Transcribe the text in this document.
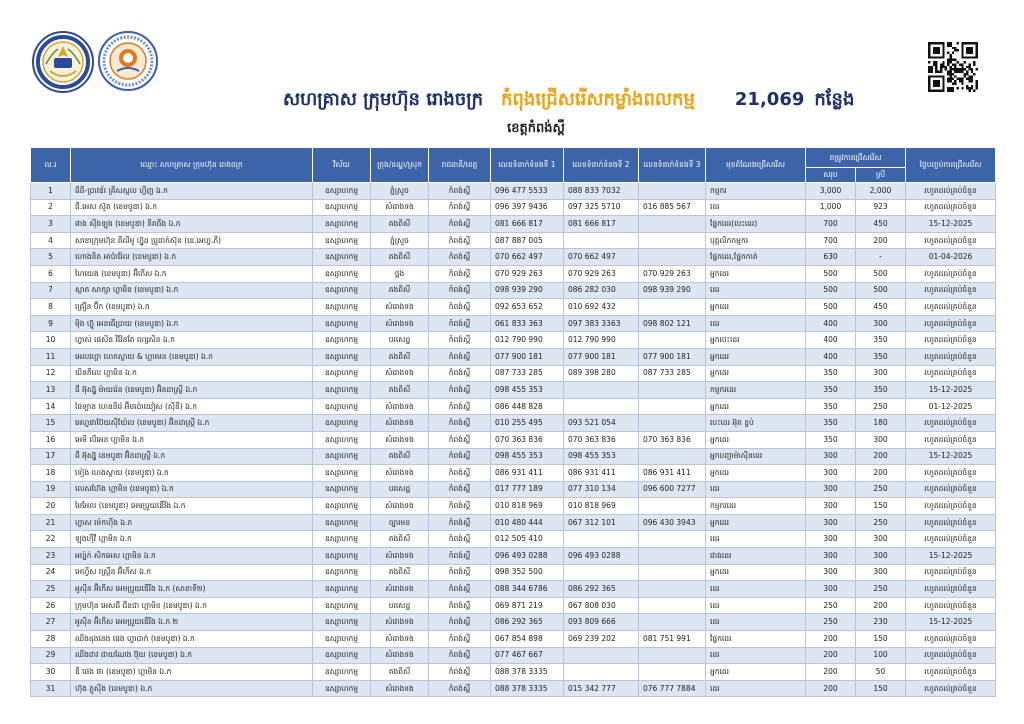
សហគ្រាស ក្រុមហ៊ុន រោងចក្រ កំពុងជ្រើសរើសកម្លាំងពលកម្ម 21,069 កន្លែង
ខេត្តកំពង់ស្ពឺ
ល.រ	ឈ្មោះ សហគ្រាស ក្រុមហ៊ុន រោងចក្រ	វិស័យ	ក្រុង/ខណ្ឌ/ស្រុក	រាជធានី/ខេត្ត	លេខទំនាក់ទំនងទី 1	លេខទំនាក់ទំនងទី 2	លេខទំនាក់ទំនងទី 3	មុខតំណែងជ្រើសរើស	តម្រូវការជ្រើសរើស		ថ្ងៃបញ្ចប់ការជ្រើសរើស
									សរុប	ស្រី	
1	ធីធី-ប្រាវឌ័រ គ្រីសស្តល ហ្វីញ ឯ.ក	ឧស្សាហកម្ម	ភ្នំស្រួច	កំពង់ស្ពឺ	096 477 5533	088 833 7032		កម្មករ	3,000	2,000	រហូតដល់គ្រប់ចំនួន
2	ជី.អេស ស៊ូត (ខេមបូឌា) ឯ.ក	ឧស្សាហកម្ម	សំរោងទង	កំពង់ស្ពឺ	096 397 9436	097 325 5710	016 885 567	ដេរ	1,000	923	រហូតដល់គ្រប់ចំនួន
3	ផាង ស៊ីងឡុង (ខេមបូឌា) នីតធីង ឯ.ក	ឧស្សាហកម្ម	គងពិសី	កំពង់ស្ពឺ	081 666 817	081 666 817		ផ្នែកដេរ(បេះដេរ)	700	450	15-12-2025
4	សាខាក្រុមហ៊ុន គីលីមូ ហ្វ៊ូដ ប្រូដាក់ស៊ុន (ខេ.អេហ្វ.ភី)	ឧស្សាហកម្ម	ភ្នំស្រួច	កំពង់ស្ពឺ	087 887 005			បុគ្គលិកកម្មករ	700	200	រហូតដល់គ្រប់ចំនួន
5	ហោងនិត អាប៉ារ៉ែល (ខេមបូឌា) ឯ.ក	ឧស្សាហកម្ម	គងពិសី	កំពង់ស្ពឺ	070 662 497	070 662 497		ផ្នែកដេរ,ផ្នែកកាត់	630	-	01-04-2026
6	ហៃយេង (ខេមបូឌា) អ៊ីកើស ឯ.ក	ឧស្សាហកម្ម	ថ្ពង	កំពង់ស្ពឺ	070 929 263	070 929 263	070 929 263	អ្នកដេរ	500	500	រហូតដល់គ្រប់ចំនួន
7	ស្កាត សាក្សា ហ្គាមិន (ខេមបូឌា) ឯ.ក	ឧស្សាហកម្ម	គងពិសី	កំពង់ស្ពឺ	098 939 290	086 282 030	098 939 290	ដេរ	500	500	រហូតដល់គ្រប់ចំនួន
8	គ្រឿន ប៊ីក (ខេមបូឌា) ឯ.ក	ឧស្សាហកម្ម	សំរោងទង	កំពង់ស្ពឺ	092 653 652	010 692 432		អ្នកដេរ	500	450	រហូតដល់គ្រប់ចំនួន
9	ម៉ិង ហ៊្វូ អេនធើប្រាយ (ខេមបូឌា) ឯ.ក	ឧស្សាហកម្ម	សំរោងទង	កំពង់ស្ពឺ	061 833 363	097 383 3363	098 802 121	ដេរ	400	300	រហូតដល់គ្រប់ចំនួន
10	ហ្វាស់ ផេសិន រីវ៉ែនតែ ហ្សេសិន ឯ.ក	ឧស្សាហកម្ម	បរសេដ្ឋ	កំពង់ស្ពឺ	012 790 990	012 790 990		អ្នកបេះដេរ	400	350	រហូតដល់គ្រប់ចំនួន
11	អេលហ្គោ ហេកស្តាយ & ហ្គាមេន (ខេមបូឌា) ឯ.ក	ឧស្សាហកម្ម	គងពិសី	កំពង់ស្ពឺ	077 900 181	077 900 181	077 900 181	អ្នកដេរ	400	350	រហូតដល់គ្រប់ចំនួន
12	យិនភីលេ ហ្គាមិន ឯ.ក	ឧស្សាហកម្ម	សំរោងទង	កំពង់ស្ពឺ	087 733 285	089 398 280	087 733 285	អ្នកដេរ	350	300	រហូតដល់គ្រប់ចំនួន
13	ជី អ៊ុស្ស៊ូ ម៉ាយរ៉េន (ខេមបូឌា) អ៊ិនដាស្ត្រី ឯ.ក	ឧស្សាហកម្ម	គងពិសី	កំពង់ស្ពឺ	098 455 353			កម្មករដេរ	350	350	15-12-2025
14	ផៃឡាន ហេននីរ៉េ អ៊ីមប៉ោយៀស (ស៊ីនី) ឯ.ក	ឧស្សាហកម្ម	សំរោងទង	កំពង់ស្ពឺ	086 448 828			អ្នកដេរ	350	250	01-12-2025
15	អេហ្វផាប៊ែយស៊ីយ៉ែល (ខេមបូឌា) អ៊ិនដាស្ត្រី ឯ.ក	ឧស្សាហកម្ម	សំរោងទង	កំពង់ស្ពឺ	010 255 495	093 521 054		បេះដេរ អ៊ុត ខ្ចប់	350	180	រហូតដល់គ្រប់ចំនួន
16	អេមី លីអេន ហ្គាមិន ឯ.ក	ឧស្សាហកម្ម	សំរោងទង	កំពង់ស្ពឺ	070 363 836	070 363 836	070 363 836	អ្នកដេរ	350	300	រហូតដល់គ្រប់ចំនួន
17	ជី អ៊ុស្ស៊ូ ខេមបូឌា អ៊ិនដាស្ត្រី ឯ.ក	ឧស្សាហកម្ម	គងពិសី	កំពង់ស្ពឺ	098 455 353	098 455 353		អ្នកបញ្ជាម៉ាស៊ីនដេរ	300	200	15-12-2025
18	ទៀង ហេងស្គាយ (ខេមបូឌា) ឯ.ក	ឧស្សាហកម្ម	សំរោងទង	កំពង់ស្ពឺ	086 931 411	086 931 411	086 931 411	អ្នកដេរ	300	200	រហូតដល់គ្រប់ចំនួន
19	លេសហ៊ែង ហ្គាមិន (ខេមបូឌា) ឯ.ក	ឧស្សាហកម្ម	បរសេដ្ឋ	កំពង់ស្ពឺ	017 777 189	077 310 134	096 600 7277	ដេរ	300	250	រហូតដល់គ្រប់ចំនួន
20	មៃអែល (ខេមបូឌា) អេមប្រូយឌើរីង ឯ.ក	ឧស្សាហកម្ម	សំរោងទង	កំពង់ស្ពឺ	010 818 969	010 818 969		កម្មករដេរ	300	150	រហូតដល់គ្រប់ចំនួន
21	ហ្វាស ម៉េកហ៊ីង ឯ.ក	ឧស្សាហកម្ម	ច្បារមន	កំពង់ស្ពឺ	010 480 444	067 312 101	096 430 3943	អ្នកដេរ	300	250	រហូតដល់គ្រប់ចំនួន
22	ឡុងហ៊ីវី ហ្គាមិន ឯ.ក	ឧស្សាហកម្ម	គងពិសី	កំពង់ស្ពឺ	012 505 410			ដេរ	300	300	រហូតដល់គ្រប់ចំនួន
23	អប្ប៉ក់ សិកអេស ហ្គាមិន ឯ.ក	ឧស្សាហកម្ម	សំរោងទង	កំពង់ស្ពឺ	096 493 0288	096 493 0288		ជាងដេរ	300	300	15-12-2025
24	អេហ្វីស ស្ត្រើន អ៊ីកើស ឯ.ក	ឧស្សាហកម្ម	គងពិសី	កំពង់ស្ពឺ	098 352 500			អ្នកដេរ	300	300	រហូតដល់គ្រប់ចំនួន
25	អូស៊ីន អ៊ីកើស អេមប្រូយឌើរីង ឯ.ក (សាខាទី២)	ឧស្សាហកម្ម	សំរោងទង	កំពង់ស្ពឺ	088 344 6786	086 292 365		ដេរ	300	250	រហូតដល់គ្រប់ចំនួន
26	ក្រុមហ៊ុន អេសជី ជីនជា ហ្គាមិន (ខេមបូឌា) ឯ.ក	ឧស្សាហកម្ម	បរសេដ្ឋ	កំពង់ស្ពឺ	069 871 219	067 808 030		ដេរ	250	200	រហូតដល់គ្រប់ចំនួន
27	អូស៊ីន អ៊ីកើស អេមប្រូយឌើរីង ឯ.ក ២	ឧស្សាហកម្ម	សំរោងទង	កំពង់ស្ពឺ	086 292 365	093 809 666		ដេរ	250	230	15-12-2025
28	ឈីងដុងនេង ផេង ហ្វាបាក់ (ខេមបូឌា) ឯ.ក	ឧស្សាហកម្ម	សំរោងទង	កំពង់ស្ពឺ	067 854 898	069 239 202	081 751 991	ផ្នែកដេរ	200	150	រហូតដល់គ្រប់ចំនួន
29	ឈីងជាវ ជាយណែង ថ៊ុយ (ខេមបូឌា) ឯ.ក	ឧស្សាហកម្ម	សំរោងទង	កំពង់ស្ពឺ	077 467 667			ដេរ	200	100	រហូតដល់គ្រប់ចំនួន
30	ឌី ផេង ផា (ខេមបូឌា) ហ្គាមិន ឯ.ក	ឧស្សាហកម្ម	គងពិសី	កំពង់ស្ពឺ	088 378 3335			អ្នកដេរ	200	50	រហូតដល់គ្រប់ចំនួន
31	ហ៊ុង ភ្លូស៊ីង (ខេមបូឌា) ឯ.ក	ឧស្សាហកម្ម	សំរោងទង	កំពង់ស្ពឺ	088 378 3335	015 342 777	076 777 7884	ដេរ	200	150	រហូតដល់គ្រប់ចំនួន
